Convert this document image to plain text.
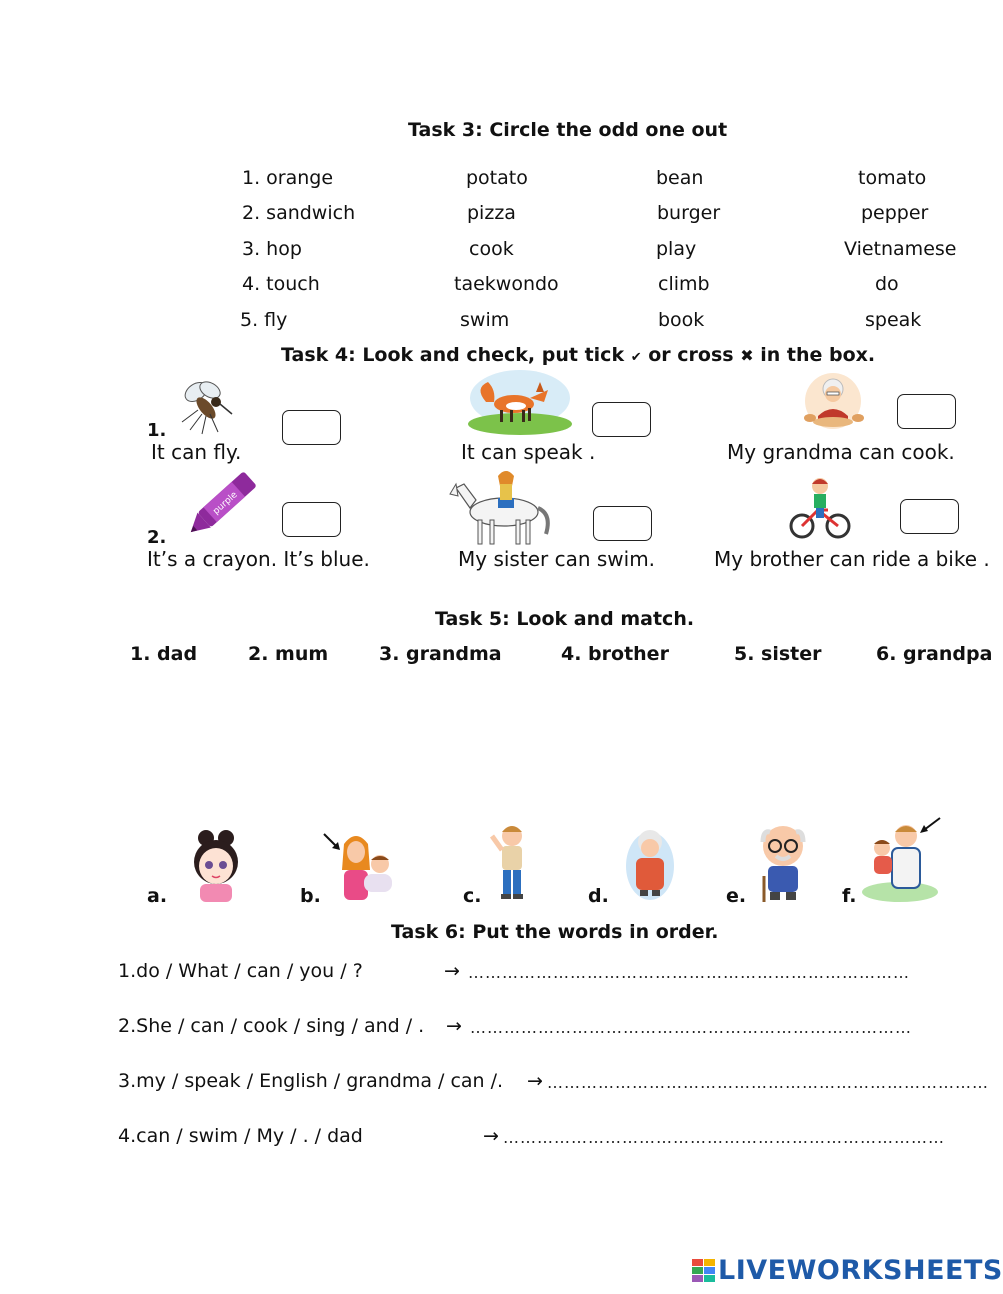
Task 3: Circle the odd one out
1. orange	potato	bean	tomato
2. sandwich	pizza	burger	pepper
3. hop	cook	play	Vietnamese
4. touch	taekwondo	climb	do
5. fly	swim	book	speak
Task 4: Look and check, put tick ✔ or cross ✖ in the box.
1.
It can fly.	It can speak .	My grandma can cook.
purple
2.
It’s a crayon. It’s blue.	My sister can swim.	My brother can ride a bike .
Task 5: Look and match.
1. dad	2. mum	3. grandma	4. brother	5. sister	6. grandpa
a.	b.	c.	d.	e.	f.
Task 6: Put the words in order.
1.do / What / can / you / ?	→ ……………………………………………………………………
2.She / can / cook / sing / and / . → ……………………………………………………………………
3.my / speak / English / grandma / can /. → ……………………………………………………………………
4.can / swim / My / . / dad	→ ……………………………………………………………………
LIVEWORKSHEETS
